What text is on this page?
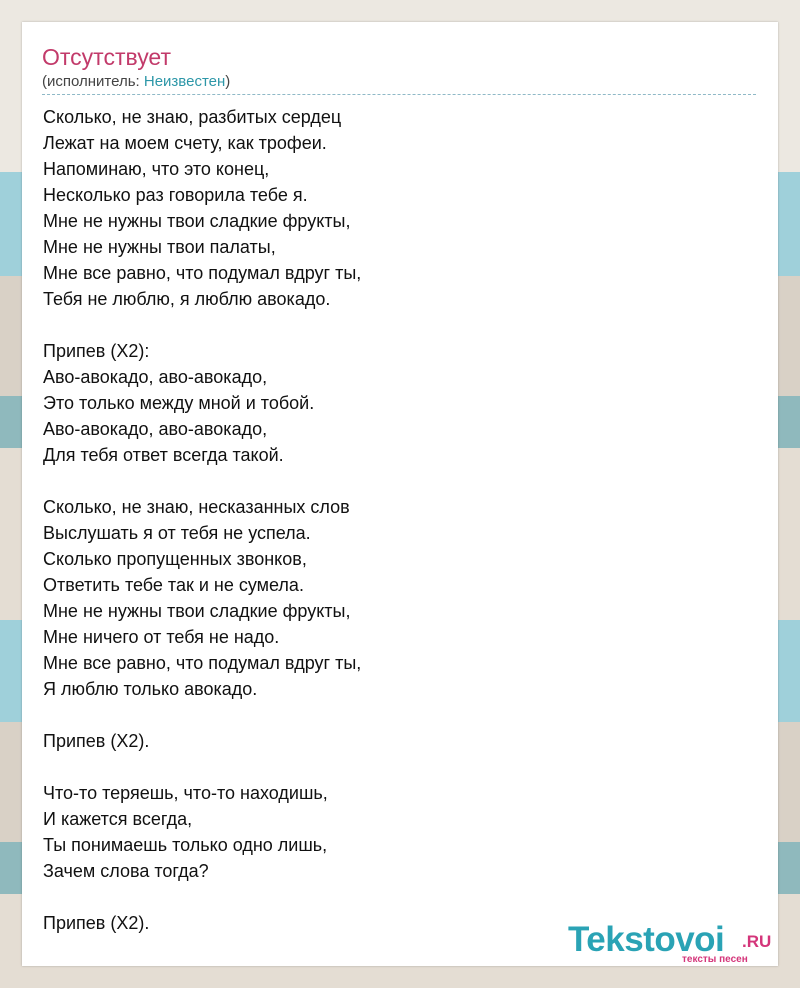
Отсутствует
(исполнитель: Неизвестен)
Сколько, не знаю, разбитых сердец
Лежат на моем счету, как трофеи.
Напоминаю, что это конец,
Несколько раз говорила тебе я.
Мне не нужны твои сладкие фрукты,
Мне не нужны твои палаты,
Мне все равно, что подумал вдруг ты,
Тебя не люблю, я люблю авокадо.
Припев (X2):
Аво-авокадо, аво-авокадо,
Это только между мной и тобой.
Аво-авокадо, аво-авокадо,
Для тебя ответ всегда такой.
Сколько, не знаю, несказанных слов
Выслушать я от тебя не успела.
Сколько пропущенных звонков,
Ответить тебе так и не сумела.
Мне не нужны твои сладкие фрукты,
Мне ничего от тебя не надо.
Мне все равно, что подумал вдруг ты,
Я люблю только авокадо.
Припев (X2).
Что-то теряешь, что-то находишь,
И кажется всегда,
Ты понимаешь только одно лишь,
Зачем слова тогда?
Припев (X2).	Tekstovoi .RU
тексты песен
